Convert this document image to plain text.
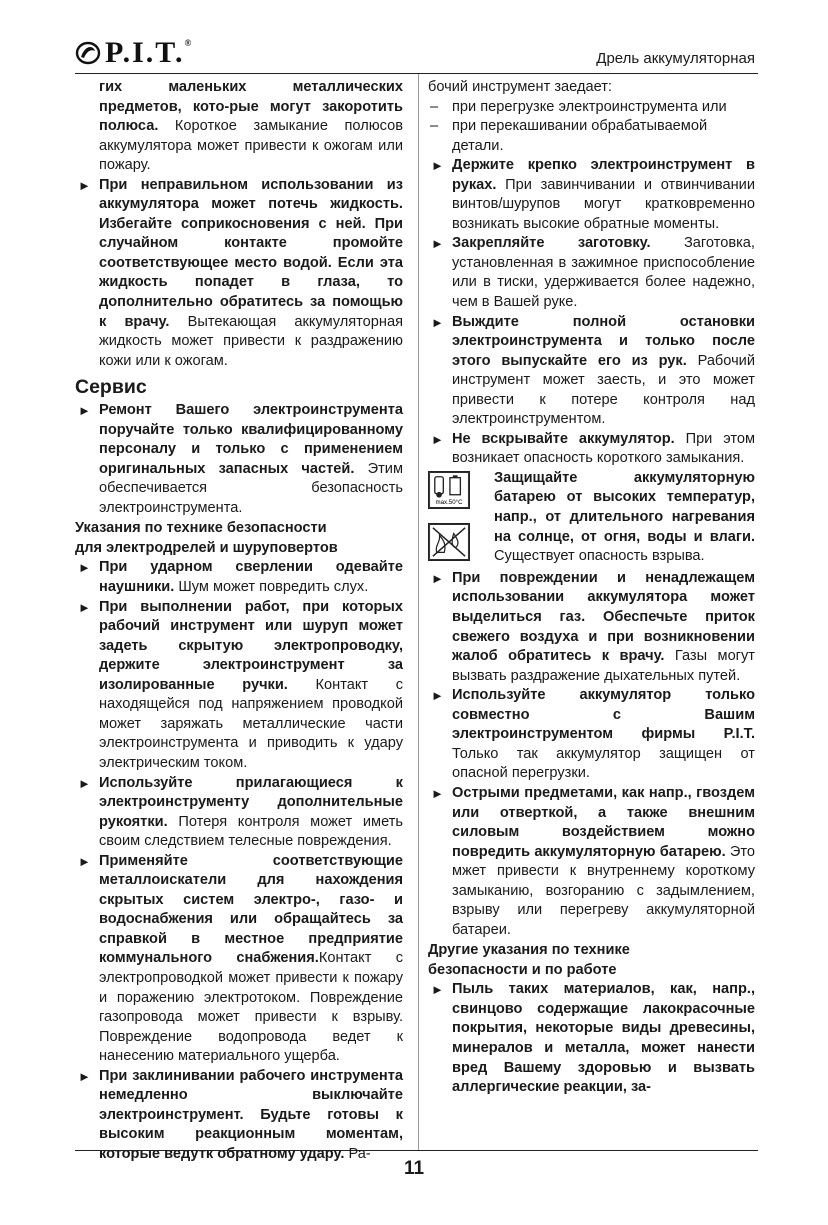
P.I.T. ®
Дрель аккумуляторная

гих маленьких металлических предметов, кото-рые могут закоротить полюса. Короткое замыкание полюсов аккумулятора может привести к ожогам или пожару.

► При неправильном использовании из аккумулятора может потечь жидкость. Избегайте соприкосновения с ней. При случайном контакте промойте соответствующее место водой. Если эта жидкость попадет в глаза, то дополнительно обратитесь за помощью к врачу. Вытекающая аккумуляторная жидкость может привести к раздражению кожи или к ожогам.
Сервис
► Ремонт Вашего электроинструмента поручайте только квалифицированному персоналу и только с применением оригинальных запасных частей. Этим обеспечивается безопасность электроинструмента.

Указания по технике безопасности
для электродрелей и шуруповертов

► При ударном сверлении одевайте наушники. Шум может повредить слух.
► При выполнении работ, при которых рабочий инструмент или шуруп может задеть скрытую электропроводку, держите электроинструмент за изолированные ручки. Контакт с находящейся под напряжением проводкой может заряжать металлические части электроинструмента и приводить к удару электрическим током.
► Используйте прилагающиеся к электроинструменту дополнительные рукоятки. Потеря контроля может иметь своим следствием телесные повреждения.
► Применяйте соответствующие металлоискатели для нахождения скрытых систем электро-, газо- и водоснабжения или обращайтесь за справкой в местное предприятие коммунального снабжения.Контакт с электропроводкой может привести к пожару и поражению электротоком. Повреждение газопровода может привести к взрыву. Повреждение водопровода ведет к нанесению материального ущерба.
► При заклинивании рабочего инструмента немедленно выключайте электроинструмент. Будьте готовы к высоким реакционным моментам, которые ведутк обратному удару. Ра-

бочий инструмент заедает:

– при перегрузке электроинструмента или
– при перекашивании обрабатываемой детали.
► Держите крепко электроинструмент в руках. При завинчивании и отвинчивании винтов/шурупов могут кратковременно возникать высокие обратные моменты.
► Закрепляйте заготовку. Заготовка, установленная в зажимное приспособление или в тиски, удерживается более надежно, чем в Вашей руке.
► Выждите полной остановки электроинструмента и только после этого выпускайте его из рук. Рабочий инструмент может заесть, и это может привести к потере контроля над электроинструментом.
► Не вскрывайте аккумулятор. При этом возникает опасность короткого замыкания.
max.50°C

Защищайте аккумуляторную батарею от высоких температур, напр., от длительного нагревания на солнце, от огня, воды и влаги. Существует опасность взрыва.
► При повреждении и ненадлежащем использовании аккумулятора может выделиться газ. Обеспечьте приток свежего воздуха и при возникновении жалоб обратитесь к врачу. Газы могут вызвать раздражение дыхательных путей.
► Используйте аккумулятор только совместно с Вашим электроинструментом фирмы P.I.T. Только так аккумулятор защищен от опасной перегрузки.
► Острыми предметами, как напр., гвоздем или отверткой, а также внешним силовым воздействием можно повредить аккумуляторную батарею. Это мжет привести к внутреннему короткому замыканию, возгоранию с задымлением, взрыву или перегреву аккумуляторной батареи.

Другие указания по технике
безопасности и по работе

► Пыль таких материалов, как, напр., свинцово содержащие лакокрасочные покрытия, некоторые виды древесины, минералов и металла, может нанести вред Вашему здоровью и вызвать аллергические реакции, за-
11
